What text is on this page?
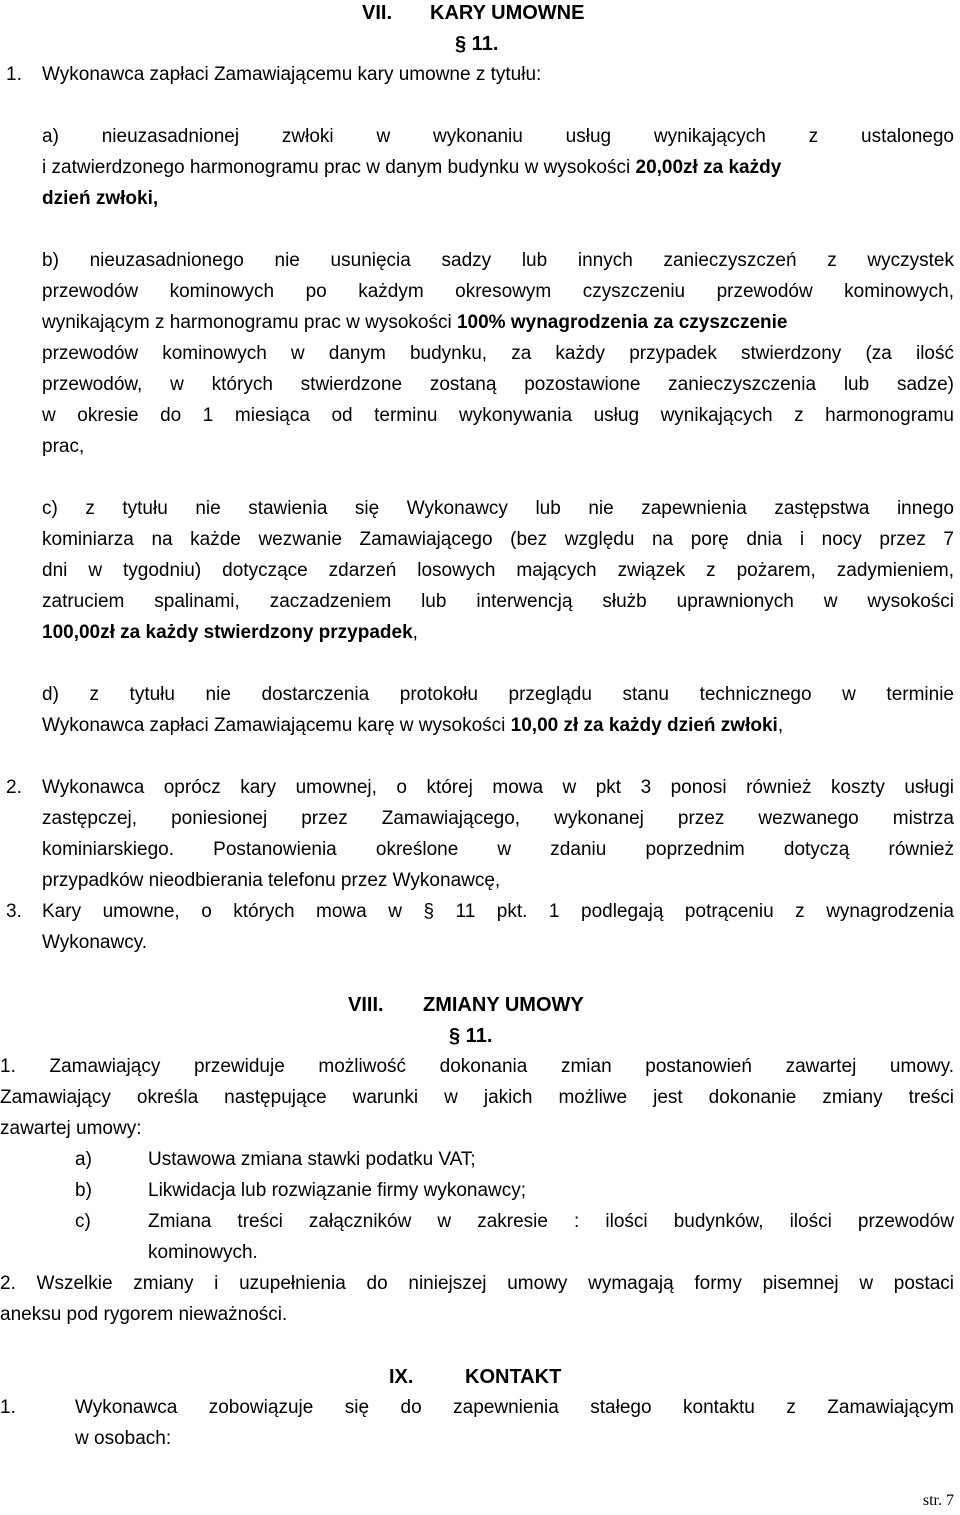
VII. KARY UMOWNE
§ 11.
1. Wykonawca zapłaci Zamawiającemu kary umowne z tytułu:
a) nieuzasadnionej zwłoki w wykonaniu usług wynikających z ustalonego
i zatwierdzonego harmonogramu prac w danym budynku w wysokości 20,00zł za każdy
dzień zwłoki,
b) nieuzasadnionego nie usunięcia sadzy lub innych zanieczyszczeń z wyczystek
przewodów kominowych po każdym okresowym czyszczeniu przewodów kominowych,
wynikającym z harmonogramu prac w wysokości 100% wynagrodzenia za czyszczenie
przewodów kominowych w danym budynku, za każdy przypadek stwierdzony (za ilość
przewodów, w których stwierdzone zostaną pozostawione zanieczyszczenia lub sadze)
w okresie do 1 miesiąca od terminu wykonywania usług wynikających z harmonogramu
prac,
c) z tytułu nie stawienia się Wykonawcy lub nie zapewnienia zastępstwa innego
kominiarza na każde wezwanie Zamawiającego (bez względu na porę dnia i nocy przez 7
dni w tygodniu) dotyczące zdarzeń losowych mających związek z pożarem, zadymieniem,
zatruciem spalinami, zaczadzeniem lub interwencją służb uprawnionych w wysokości
100,00zł za każdy stwierdzony przypadek,
d) z tytułu nie dostarczenia protokołu przeglądu stanu technicznego w terminie
Wykonawca zapłaci Zamawiającemu karę w wysokości 10,00 zł za każdy dzień zwłoki,
2. Wykonawca oprócz kary umownej, o której mowa w pkt 3 ponosi również koszty usługi
zastępczej, poniesionej przez Zamawiającego, wykonanej przez wezwanego mistrza
kominiarskiego. Postanowienia określone w zdaniu poprzednim dotyczą również
przypadków nieodbierania telefonu przez Wykonawcę,
3. Kary umowne, o których mowa w § 11 pkt. 1 podlegają potrąceniu z wynagrodzenia
Wykonawcy.
VIII. ZMIANY UMOWY
§ 11.
1. Zamawiający przewiduje możliwość dokonania zmian postanowień zawartej umowy.
Zamawiający określa następujące warunki w jakich możliwe jest dokonanie zmiany treści
zawartej umowy:
a)	Ustawowa zmiana stawki podatku VAT;
b)	Likwidacja lub rozwiązanie firmy wykonawcy;
c)	Zmiana treści załączników w zakresie : ilości budynków, ilości przewodów
kominowych.
2. Wszelkie zmiany i uzupełnienia do niniejszej umowy wymagają formy pisemnej w postaci
aneksu pod rygorem nieważności.
IX.	KONTAKT
1.	Wykonawca zobowiązuje się do zapewnienia stałego kontaktu z Zamawiającym
w osobach:
str. 7
